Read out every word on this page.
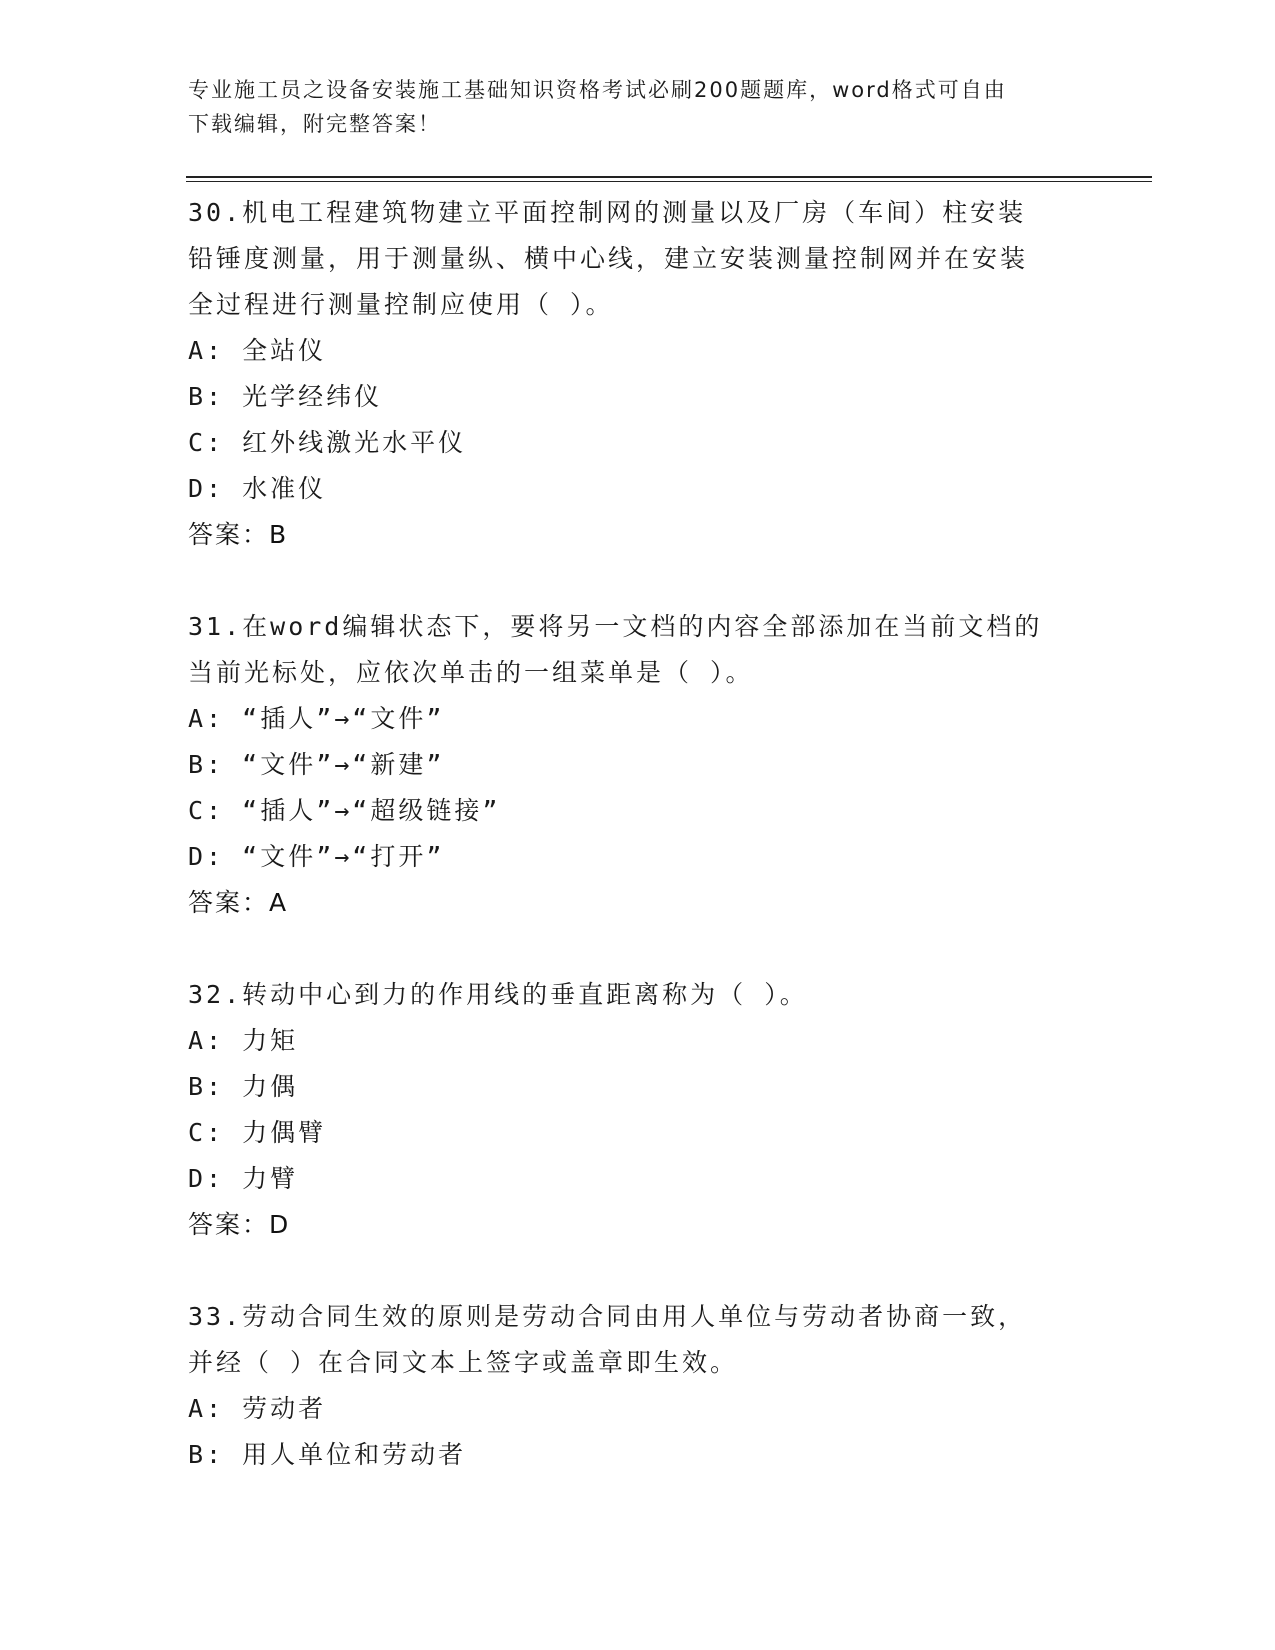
专业施工员之设备安装施工基础知识资格考试必刷200题题库，word格式可自由
下载编辑，附完整答案！

30.机电工程建筑物建立平面控制网的测量以及厂房（车间）柱安装铅锤度测量，用于测量纵、横中心线，建立安装测量控制网并在安装全过程进行测量控制应使用（ ）。

A: 全站仪

B: 光学经纬仪

C: 红外线激光水平仪

D: 水准仪

答案：B

31.在word编辑状态下，要将另一文档的内容全部添加在当前文档的当前光标处，应依次单击的一组菜单是（ ）。

A: “插人”→“文件”

B: “文件”→“新建”

C: “插人”→“超级链接”

D: “文件”→“打开”

答案：A

32.转动中心到力的作用线的垂直距离称为（ ）。

A: 力矩

B: 力偶

C: 力偶臂

D: 力臂

答案：D

33.劳动合同生效的原则是劳动合同由用人单位与劳动者协商一致，并经（ ）在合同文本上签字或盖章即生效。

A: 劳动者

B: 用人单位和劳动者
